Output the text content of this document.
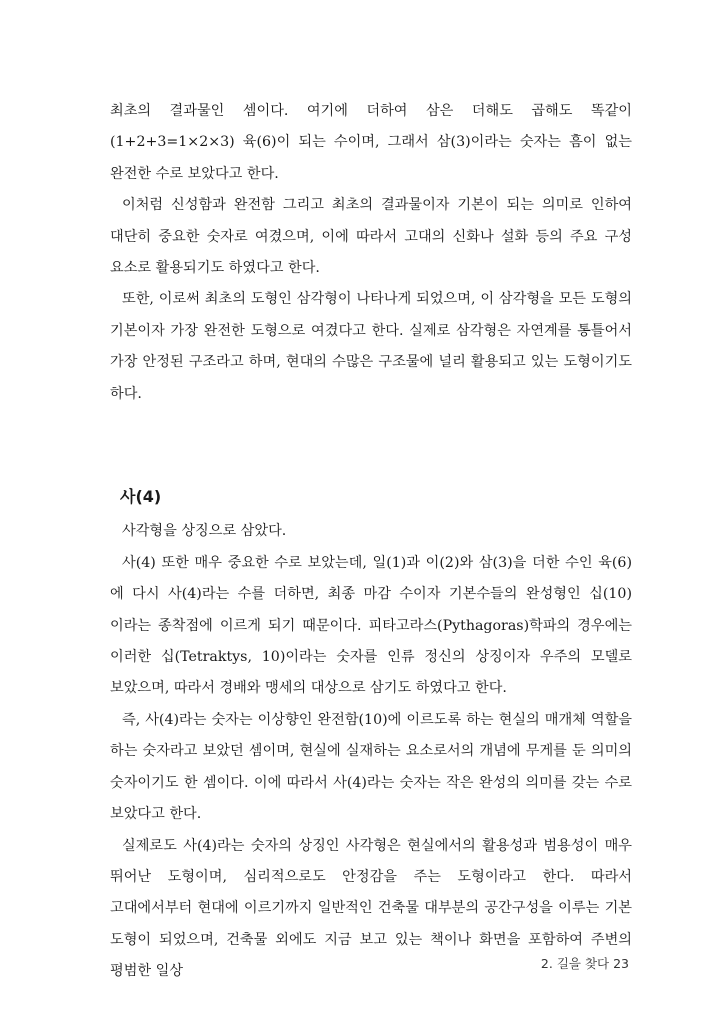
최초의 결과물인 셈이다. 여기에 더하여 삼은 더해도 곱해도 똑같이(1+2+3=1×2×3) 육(6)이 되는 수이며, 그래서 삼(3)이라는 숫자는 흠이 없는 완전한 수로 보았다고 한다.

이처럼 신성함과 완전함 그리고 최초의 결과물이자 기본이 되는 의미로 인하여 대단히 중요한 숫자로 여겼으며, 이에 따라서 고대의 신화나 설화 등의 주요 구성 요소로 활용되기도 하였다고 한다.

또한, 이로써 최초의 도형인 삼각형이 나타나게 되었으며, 이 삼각형을 모든 도형의 기본이자 가장 완전한 도형으로 여겼다고 한다. 실제로 삼각형은 자연계를 통틀어서 가장 안정된 구조라고 하며, 현대의 수많은 구조물에 널리 활용되고 있는 도형이기도 하다.

사(4)

사각형을 상징으로 삼았다.

사(4) 또한 매우 중요한 수로 보았는데, 일(1)과 이(2)와 삼(3)을 더한 수인 육(6)에 다시 사(4)라는 수를 더하면, 최종 마감 수이자 기본수들의 완성형인 십(10)이라는 종착점에 이르게 되기 때문이다. 피타고라스(Pythagoras)학파의 경우에는 이러한 십(Tetraktys, 10)이라는 숫자를 인류 정신의 상징이자 우주의 모델로 보았으며, 따라서 경배와 맹세의 대상으로 삼기도 하였다고 한다.

즉, 사(4)라는 숫자는 이상향인 완전함(10)에 이르도록 하는 현실의 매개체 역할을 하는 숫자라고 보았던 셈이며, 현실에 실재하는 요소로서의 개념에 무게를 둔 의미의 숫자이기도 한 셈이다. 이에 따라서 사(4)라는 숫자는 작은 완성의 의미를 갖는 수로 보았다고 한다.

실제로도 사(4)라는 숫자의 상징인 사각형은 현실에서의 활용성과 범용성이 매우 뛰어난 도형이며, 심리적으로도 안정감을 주는 도형이라고 한다. 따라서 고대에서부터 현대에 이르기까지 일반적인 건축물 대부분의 공간구성을 이루는 기본 도형이 되었으며, 건축물 외에도 지금 보고 있는 책이나 화면을 포함하여 주변의 평범한 일상	2. 길을 찾다 23
